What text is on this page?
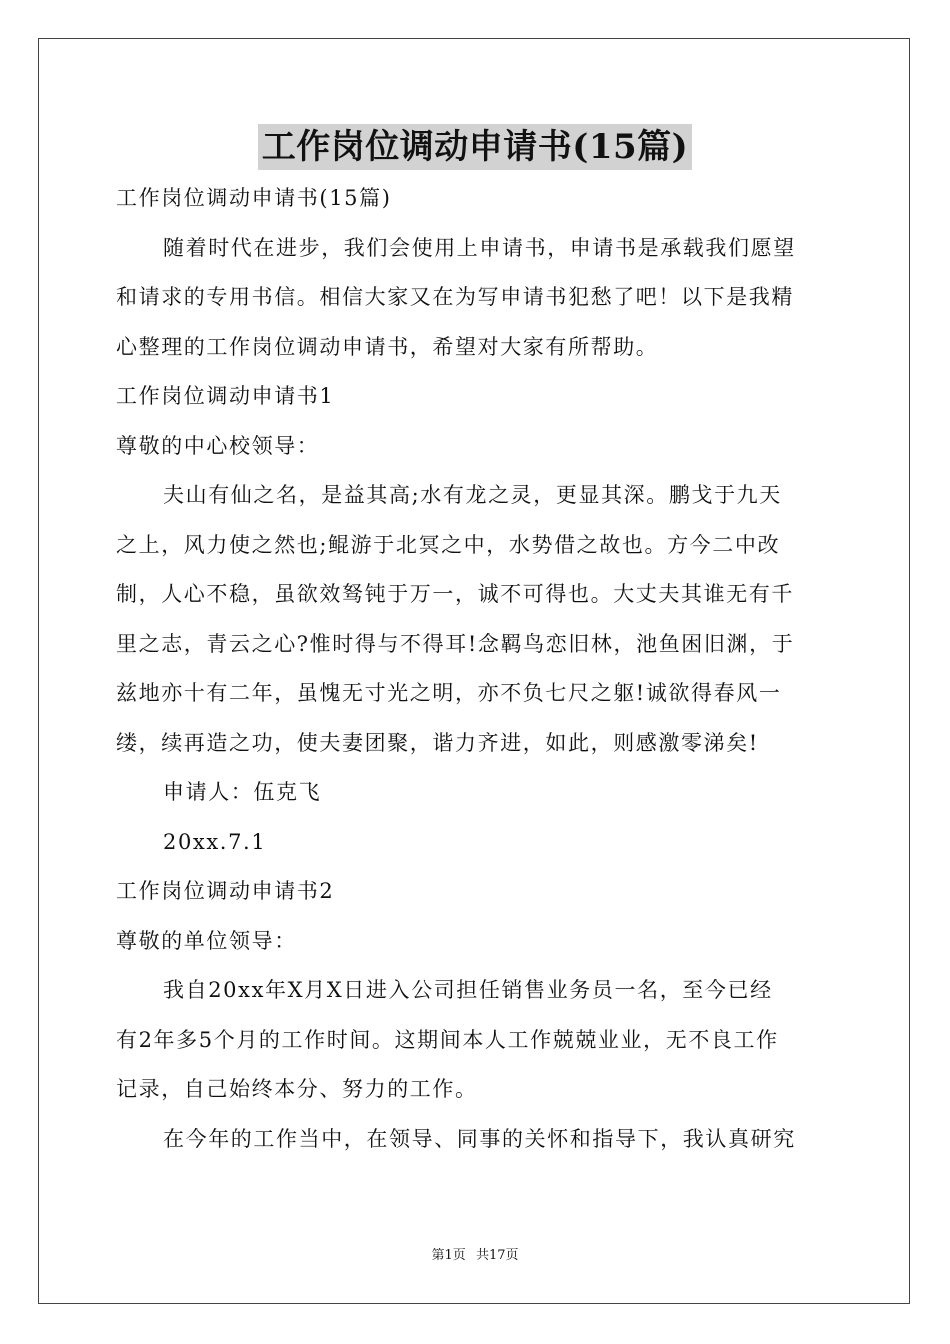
工作岗位调动申请书(15篇)
工作岗位调动申请书(15篇)
随着时代在进步，我们会使用上申请书，申请书是承载我们愿望
和请求的专用书信。相信大家又在为写申请书犯愁了吧！以下是我精
心整理的工作岗位调动申请书，希望对大家有所帮助。
工作岗位调动申请书1
尊敬的中心校领导：
夫山有仙之名，是益其高;水有龙之灵，更显其深。鹏戈于九天
之上，风力使之然也;鲲游于北冥之中，水势借之故也。方今二中改
制，人心不稳，虽欲效驽钝于万一，诚不可得也。大丈夫其谁无有千
里之志，青云之心?惟时得与不得耳!念羁鸟恋旧林，池鱼困旧渊，于
兹地亦十有二年，虽愧无寸光之明，亦不负七尺之躯!诚欲得春风一
缕，续再造之功，使夫妻团聚，谐力齐进，如此，则感激零涕矣!
申请人：伍克飞
20xx.7.1
工作岗位调动申请书2
尊敬的单位领导：
我自20xx年X月X日进入公司担任销售业务员一名，至今已经
有2年多5个月的工作时间。这期间本人工作兢兢业业，无不良工作
记录，自己始终本分、努力的工作。
在今年的工作当中，在领导、同事的关怀和指导下，我认真研究
第1页 共17页
